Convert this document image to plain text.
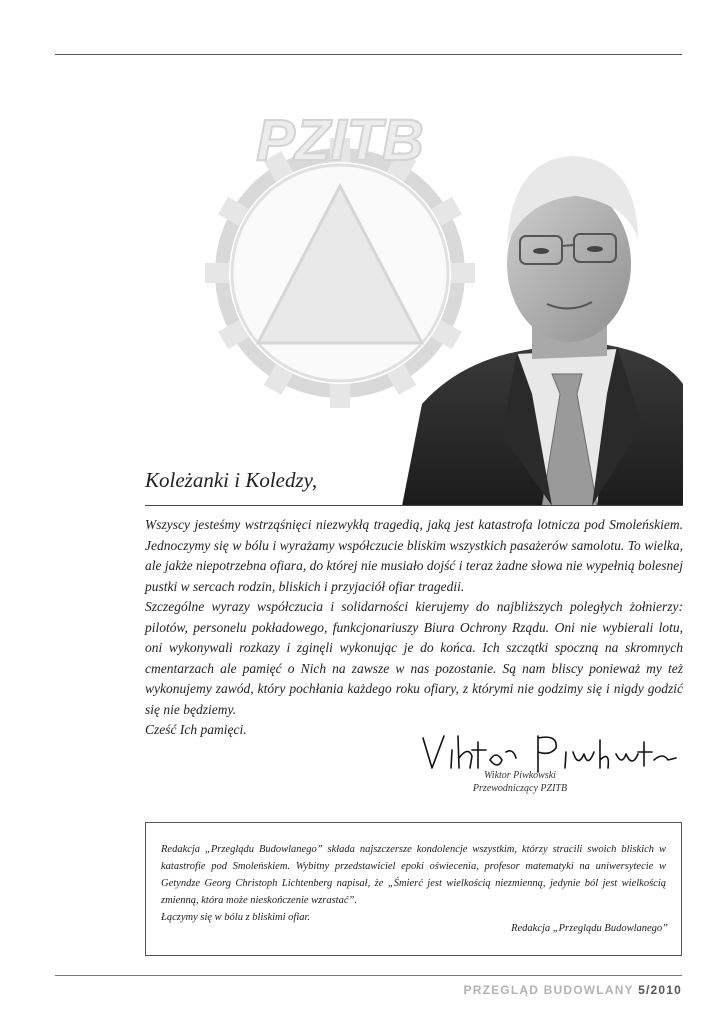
PZITB
Koleżanki i Koledzy,

Wszyscy jesteśmy wstrząśnięci niezwykłą tragedią, jaką jest katastrofa lotnicza pod Smoleńskiem. Jednoczymy się w bólu i wyrażamy współczucie bliskim wszystkich pasażerów samolotu. To wielka, ale jakże niepotrzebna ofiara, do której nie musiało dojść i teraz żadne słowa nie wypełnią bolesnej pustki w sercach rodzin, bliskich i przyjaciół ofiar tragedii.

Szczególne wyrazy współczucia i solidarności kierujemy do najbliższych poległych żołnierzy: pilotów, personelu pokładowego, funkcjonariuszy Biura Ochrony Rządu. Oni nie wybierali lotu, oni wykonywali rozkazy i zginęli wykonując je do końca. Ich szczątki spoczną na skromnych cmentarzach ale pamięć o Nich na zawsze w nas pozostanie. Są nam bliscy ponieważ my też wykonujemy zawód, który pochłania każdego roku ofiary, z którymi nie godzimy się i nigdy godzić się nie będziemy.

Cześć Ich pamięci.

Wiktor Piwkowski
Przewodniczący PZITB

Redakcja „Przeglądu Budowlanego” składa najszczersze kondolencje wszystkim, którzy stracili swoich bliskich w katastrofie pod Smoleńskiem. Wybitny przedstawiciel epoki oświecenia, profesor matematyki na uniwersytecie w Getyndze Georg Christoph Lichtenberg napisał, że „Śmierć jest wielkością niezmienną, jedynie ból jest wielkością zmienną, która może nieskończenie wzrastać”.

Łączymy się w bólu z bliskimi ofiar.

Redakcja „Przeglądu Budowlanego”
PRZEGLĄD BUDOWLANY 5/2010
